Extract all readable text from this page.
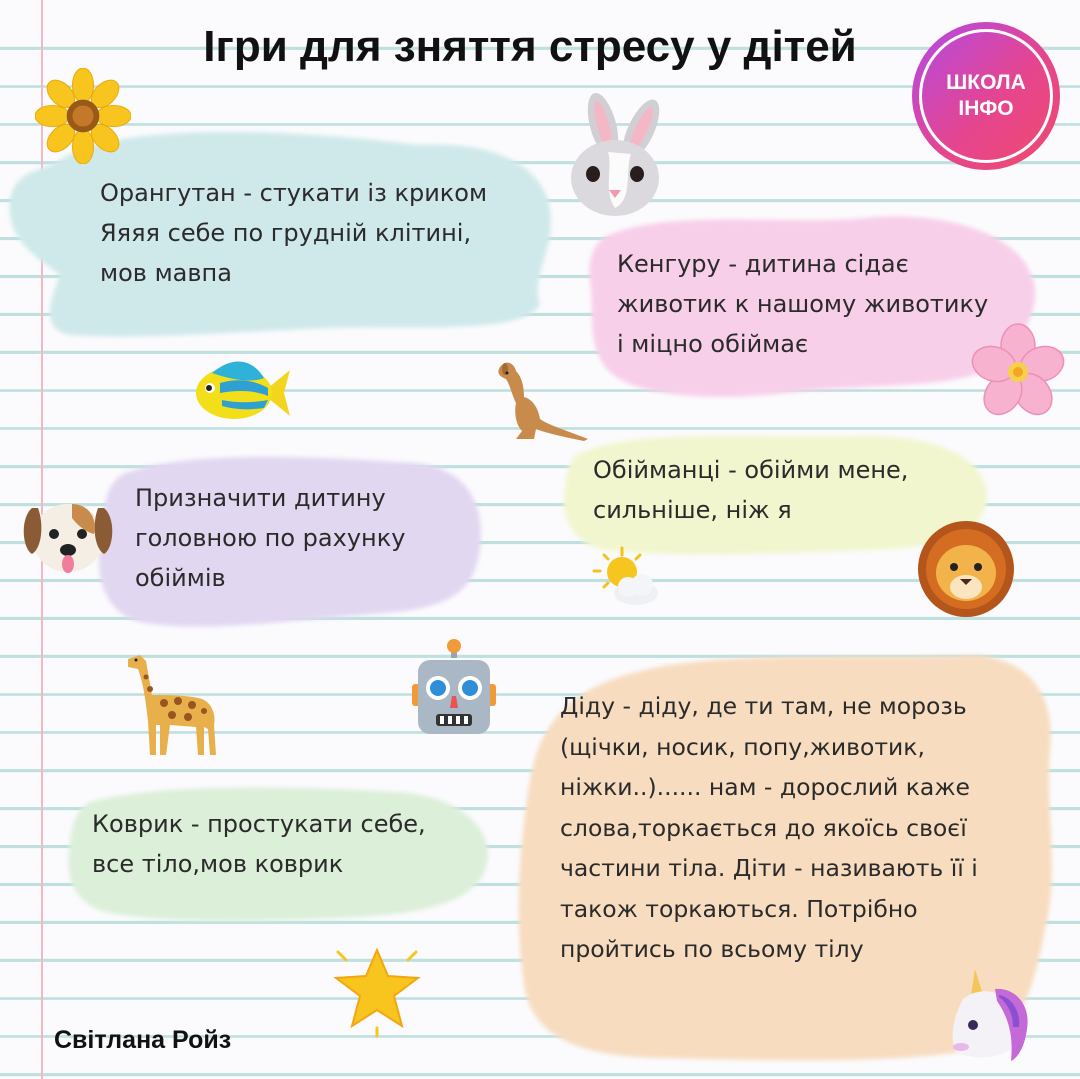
Ігри для зняття стресу у дітей
ШКОЛА
ІНФО
Орангутан - стукати із криком
Яяяя себе по грудній клітині,
мов мавпа	Кенгуру - дитина сідає
животик к нашому животику
і міцно обіймає
Призначити дитину
головною по рахунку
обіймів
Обійманці - обійми мене,
сильніше, ніж я
Коврик - простукати себе,
все тіло,мов коврик
Діду - діду, де ти там, не морозь
(щічки, носик, попу,животик,
ніжки..)...... нам - дорослий каже
слова,торкається до якоїсь своєї
частини тіла. Діти - називають її і
також торкаються. Потрібно
пройтись по всьому тілу
Світлана Ройз
